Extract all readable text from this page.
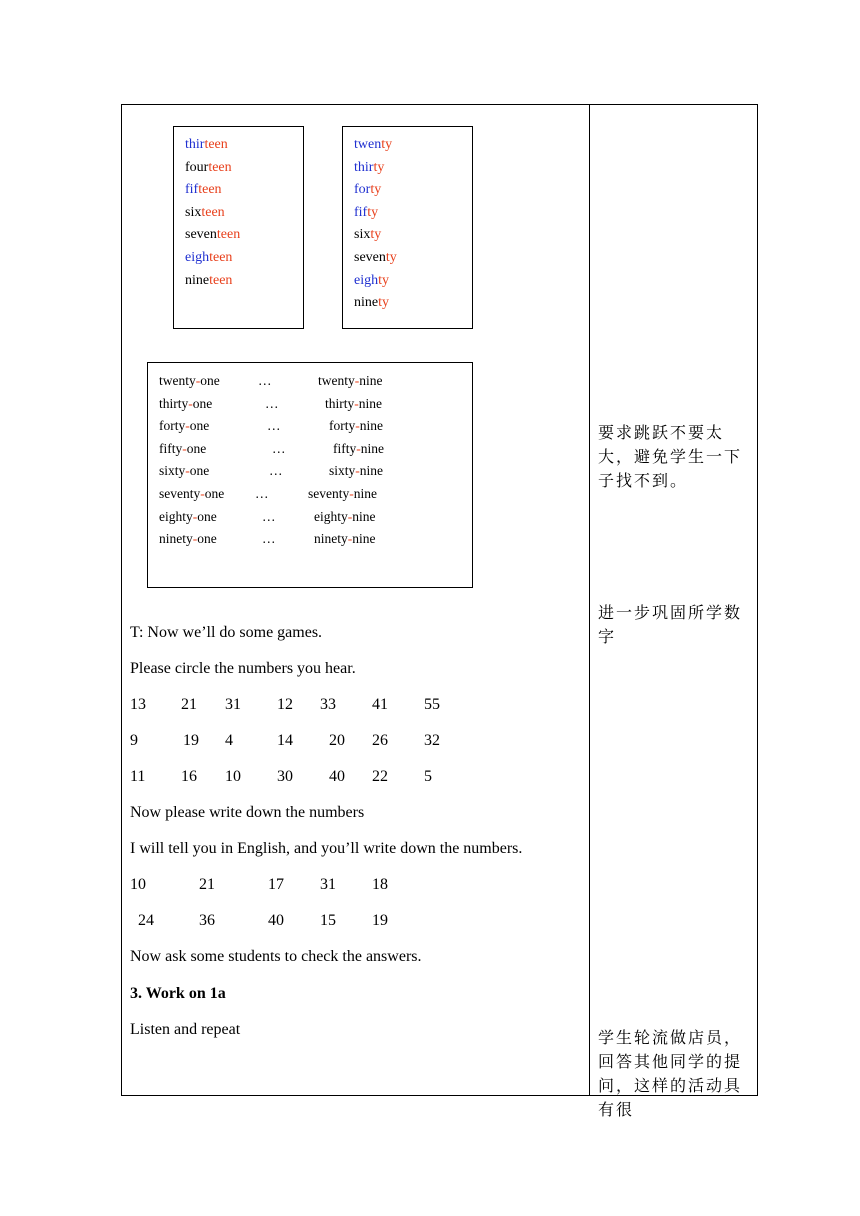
thirteen
fourteen
fifteen
sixteen
seventeen
eighteen
nineteen
twenty
thirty
forty
fifty
sixty
seventy
eighty
ninety
twenty-one	…	twenty-nine
thirty-one	…	thirty-nine
forty-one	…	forty-nine
fifty-one	…	fifty-nine
sixty-one	…	sixty-nine
seventy-one …	seventy-nine
eighty-one	…	eighty-nine
ninety-one	…	ninety-nine
T: Now we’ll do some games.
Please circle the numbers you hear.
13 21 31 12 33 41 55
9	19 4	14 20 26 32
11 16 10 30 40 22 5
Now please write down the numbers
I will tell you in English, and you’ll write down the numbers.
10	21	17 31 18
24	36	40 15 19
Now ask some students to check the answers.
3. Work on 1a
Listen and repeat
要求跳跃不要太大，避免学生一下子找不到。
进一步巩固所学数字
学生轮流做店员，回答其他同学的提问，这样的活动具有很
